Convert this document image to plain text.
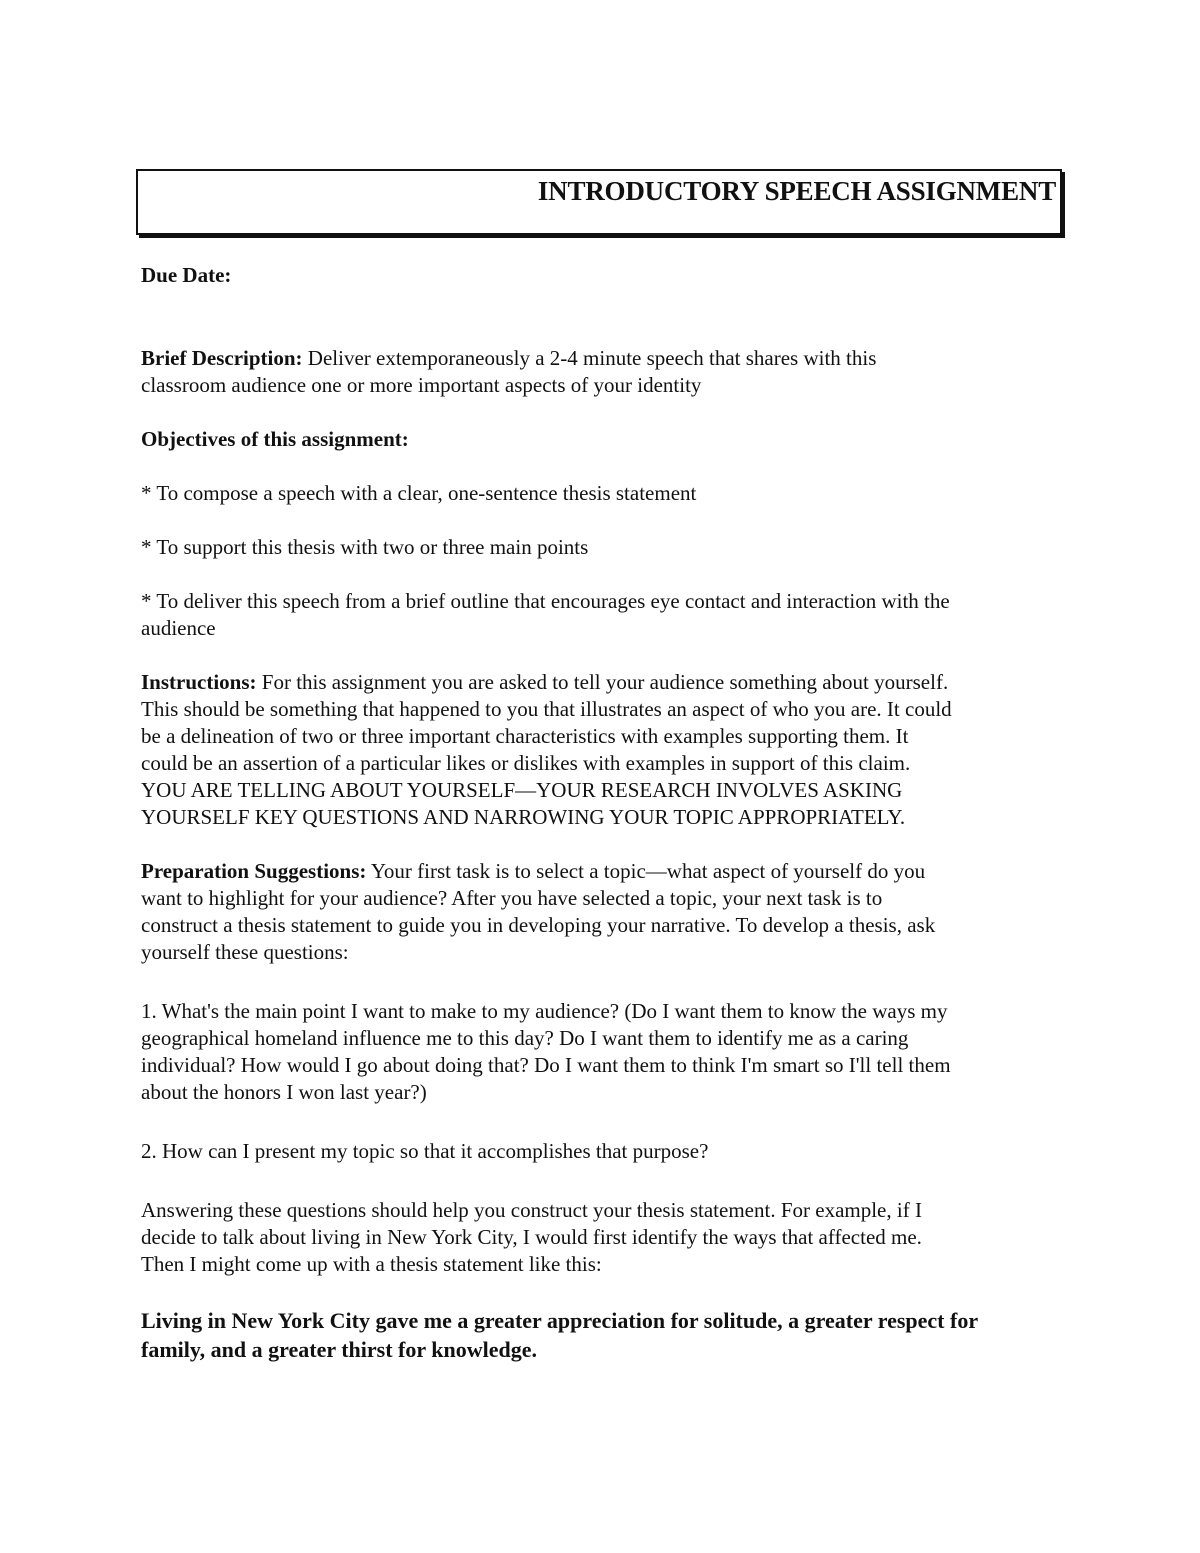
INTRODUCTORY SPEECH ASSIGNMENT

Due Date:

Brief Description: Deliver extemporaneously a 2-4 minute speech that shares with this
classroom audience one or more important aspects of your identity

Objectives of this assignment:

* To compose a speech with a clear, one-sentence thesis statement

* To support this thesis with two or three main points

* To deliver this speech from a brief outline that encourages eye contact and interaction with the
audience

Instructions: For this assignment you are asked to tell your audience something about yourself.
This should be something that happened to you that illustrates an aspect of who you are. It could
be a delineation of two or three important characteristics with examples supporting them. It
could be an assertion of a particular likes or dislikes with examples in support of this claim.
YOU ARE TELLING ABOUT YOURSELF—YOUR RESEARCH INVOLVES ASKING
YOURSELF KEY QUESTIONS AND NARROWING YOUR TOPIC APPROPRIATELY.

Preparation Suggestions: Your first task is to select a topic—what aspect of yourself do you
want to highlight for your audience? After you have selected a topic, your next task is to
construct a thesis statement to guide you in developing your narrative. To develop a thesis, ask
yourself these questions:

1. What's the main point I want to make to my audience? (Do I want them to know the ways my
geographical homeland influence me to this day? Do I want them to identify me as a caring
individual? How would I go about doing that? Do I want them to think I'm smart so I'll tell them
about the honors I won last year?)

2. How can I present my topic so that it accomplishes that purpose?

Answering these questions should help you construct your thesis statement. For example, if I
decide to talk about living in New York City, I would first identify the ways that affected me.
Then I might come up with a thesis statement like this:

Living in New York City gave me a greater appreciation for solitude, a greater respect for
family, and a greater thirst for knowledge.
